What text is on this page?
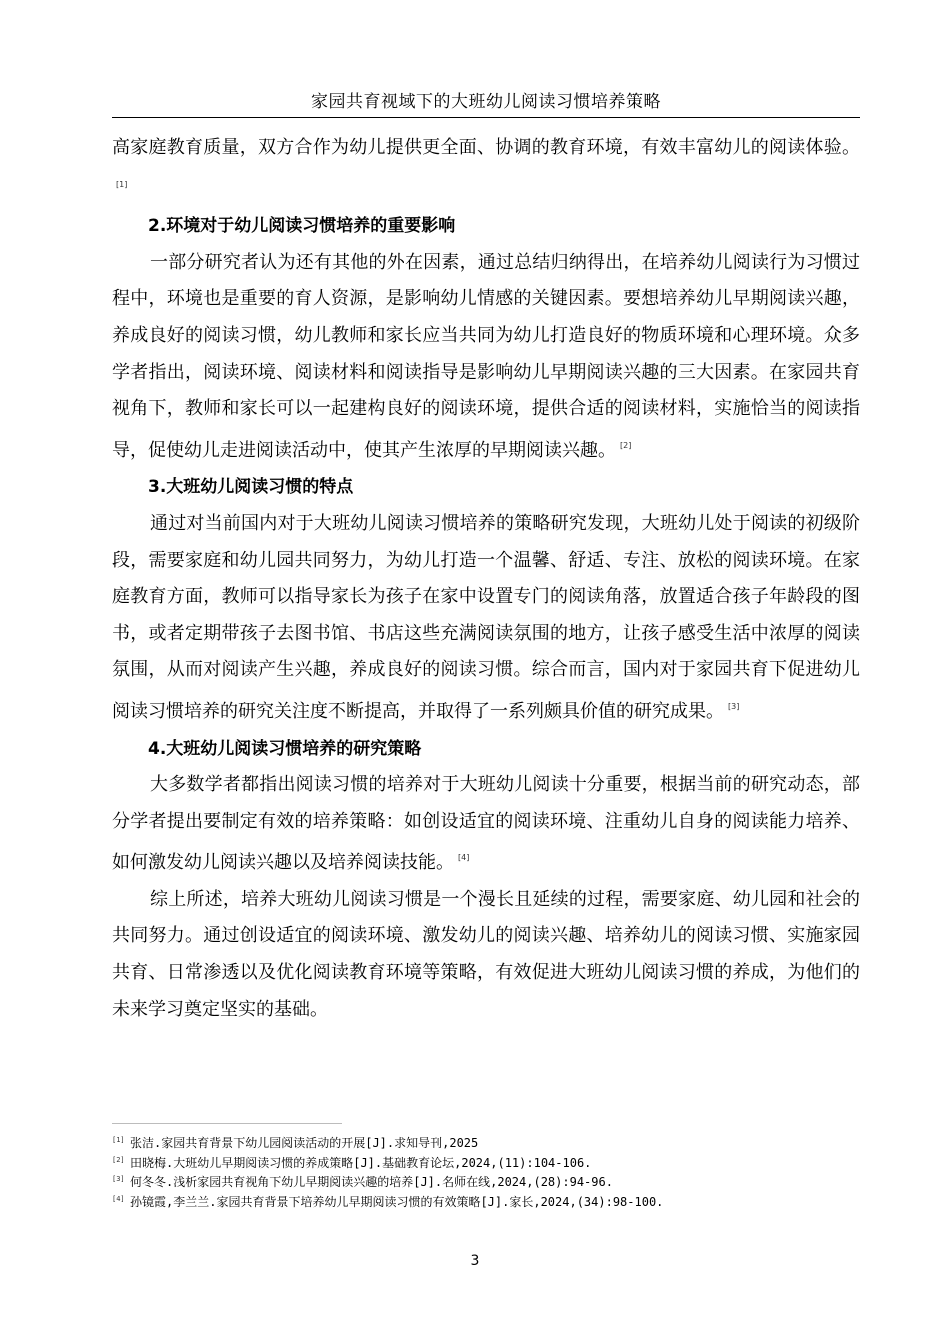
家园共育视域下的大班幼儿阅读习惯培养策略

高家庭教育质量，双方合作为幼儿提供更全面、协调的教育环境，有效丰富幼儿的阅读体验。[1]

2.环境对于幼儿阅读习惯培养的重要影响

一部分研究者认为还有其他的外在因素，通过总结归纳得出，在培养幼儿阅读行为习惯过程中，环境也是重要的育人资源，是影响幼儿情感的关键因素。要想培养幼儿早期阅读兴趣，养成良好的阅读习惯，幼儿教师和家长应当共同为幼儿打造良好的物质环境和心理环境。众多学者指出，阅读环境、阅读材料和阅读指导是影响幼儿早期阅读兴趣的三大因素。在家园共育视角下，教师和家长可以一起建构良好的阅读环境，提供合适的阅读材料，实施恰当的阅读指导，促使幼儿走进阅读活动中，使其产生浓厚的早期阅读兴趣。 [2]

3.大班幼儿阅读习惯的特点

通过对当前国内对于大班幼儿阅读习惯培养的策略研究发现，大班幼儿处于阅读的初级阶段，需要家庭和幼儿园共同努力，为幼儿打造一个温馨、舒适、专注、放松的阅读环境。在家庭教育方面，教师可以指导家长为孩子在家中设置专门的阅读角落，放置适合孩子年龄段的图书，或者定期带孩子去图书馆、书店这些充满阅读氛围的地方，让孩子感受生活中浓厚的阅读氛围，从而对阅读产生兴趣，养成良好的阅读习惯。综合而言，国内对于家园共育下促进幼儿阅读习惯培养的研究关注度不断提高，并取得了一系列颇具价值的研究成果。 [3]

4.大班幼儿阅读习惯培养的研究策略

大多数学者都指出阅读习惯的培养对于大班幼儿阅读十分重要，根据当前的研究动态，部分学者提出要制定有效的培养策略：如创设适宜的阅读环境、注重幼儿自身的阅读能力培养、如何激发幼儿阅读兴趣以及培养阅读技能。 [4]

综上所述，培养大班幼儿阅读习惯是一个漫长且延续的过程，需要家庭、幼儿园和社会的共同努力。通过创设适宜的阅读环境、激发幼儿的阅读兴趣、培养幼儿的阅读习惯、实施家园共育、日常渗透以及优化阅读教育环境等策略，有效促进大班幼儿阅读习惯的养成，为他们的未来学习奠定坚实的基础。

[1] 张洁.家园共育背景下幼儿园阅读活动的开展[J].求知导刊,2025
[2] 田晓梅.大班幼儿早期阅读习惯的养成策略[J].基础教育论坛,2024,(11):104-106.
[3] 何冬冬.浅析家园共育视角下幼儿早期阅读兴趣的培养[J].名师在线,2024,(28):94-96.
[4] 孙镜霞,李兰兰.家园共育背景下培养幼儿早期阅读习惯的有效策略[J].家长,2024,(34):98-100.
3
